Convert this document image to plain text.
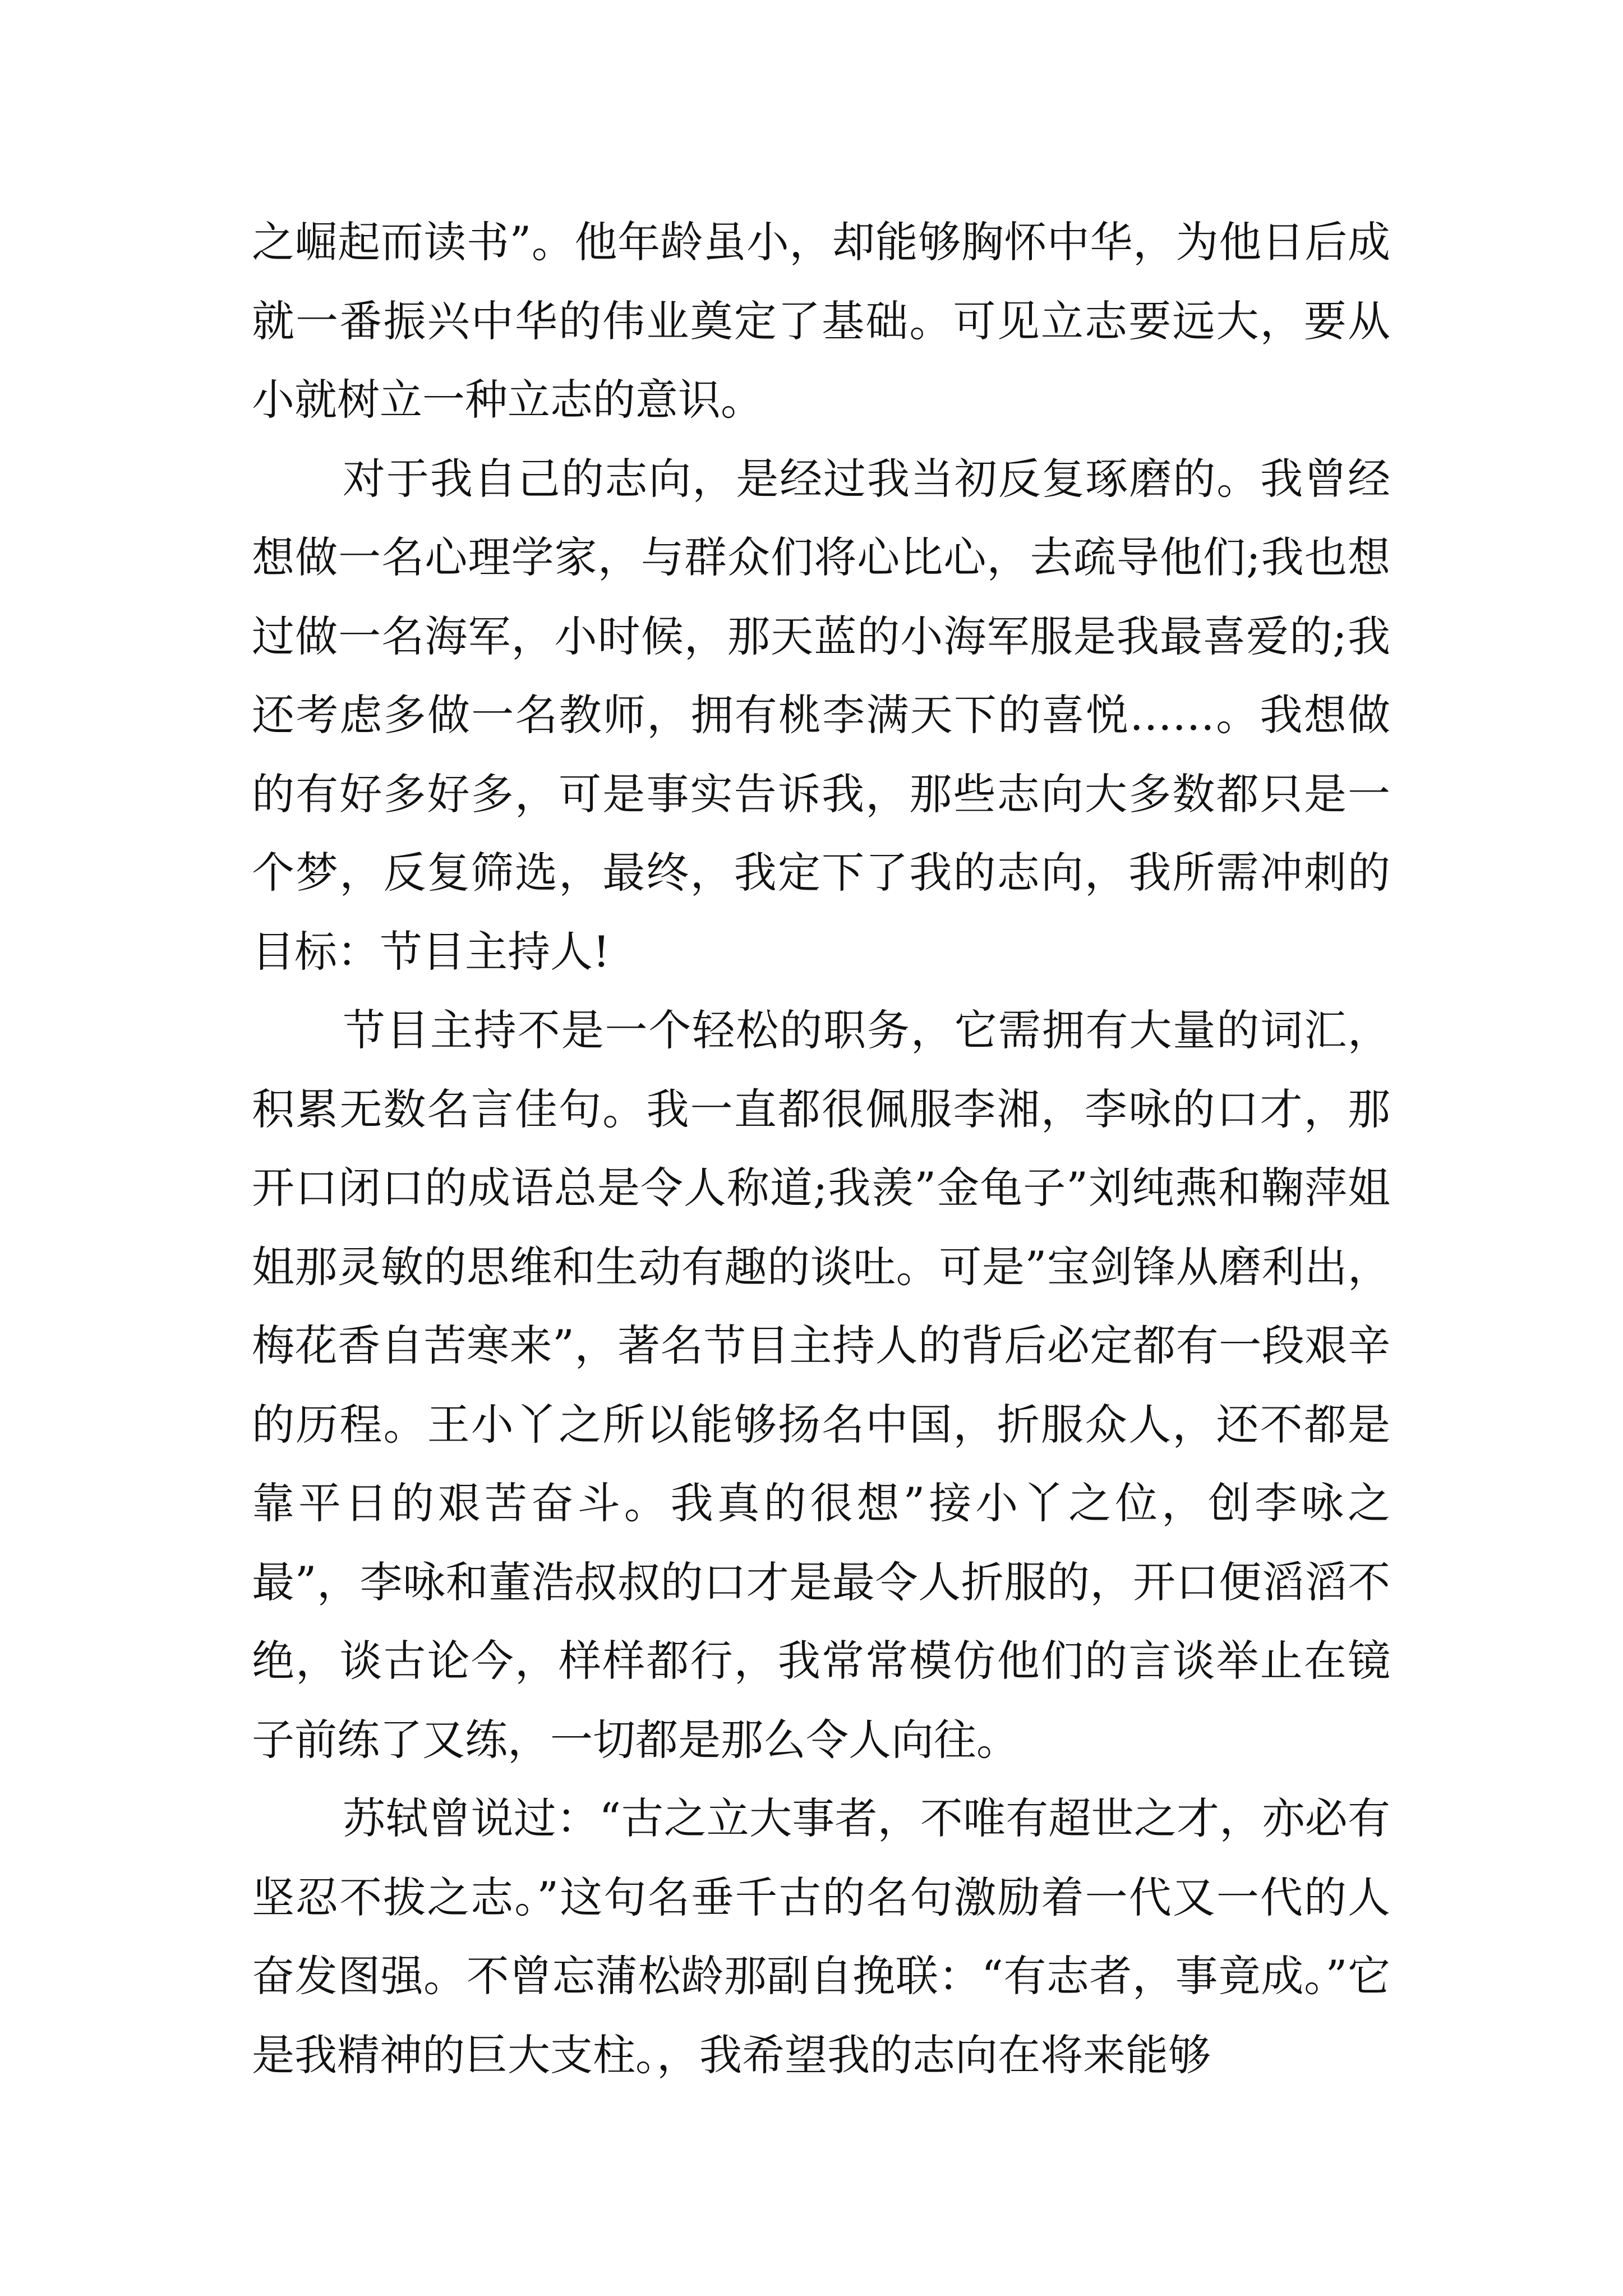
之崛起而读书”。他年龄虽小，却能够胸怀中华，为他日后成就一番振兴中华的伟业奠定了基础。可见立志要远大，要从小就树立一种立志的意识。

对于我自己的志向，是经过我当初反复琢磨的。我曾经想做一名心理学家，与群众们将心比心，去疏导他们;我也想过做一名海军，小时候，那天蓝的小海军服是我最喜爱的;我还考虑多做一名教师，拥有桃李满天下的喜悦……。我想做的有好多好多，可是事实告诉我，那些志向大多数都只是一个梦，反复筛选，最终，我定下了我的志向，我所需冲刺的目标：节目主持人!

节目主持不是一个轻松的职务，它需拥有大量的词汇，积累无数名言佳句。我一直都很佩服李湘，李咏的口才，那开口闭口的成语总是令人称道;我羡”金龟子”刘纯燕和鞠萍姐姐那灵敏的思维和生动有趣的谈吐。可是”宝剑锋从磨利出，梅花香自苦寒来”，著名节目主持人的背后必定都有一段艰辛的历程。王小丫之所以能够扬名中国，折服众人，还不都是靠平日的艰苦奋斗。我真的很想”接小丫之位，创李咏之最”，李咏和董浩叔叔的口才是最令人折服的，开口便滔滔不绝，谈古论今，样样都行，我常常模仿他们的言谈举止在镜子前练了又练，一切都是那么令人向往。

苏轼曾说过：“古之立大事者，不唯有超世之才，亦必有坚忍不拔之志。”这句名垂千古的名句激励着一代又一代的人奋发图强。不曾忘蒲松龄那副自挽联：“有志者，事竟成。”它是我精神的巨大支柱。，我希望我的志向在将来能够
